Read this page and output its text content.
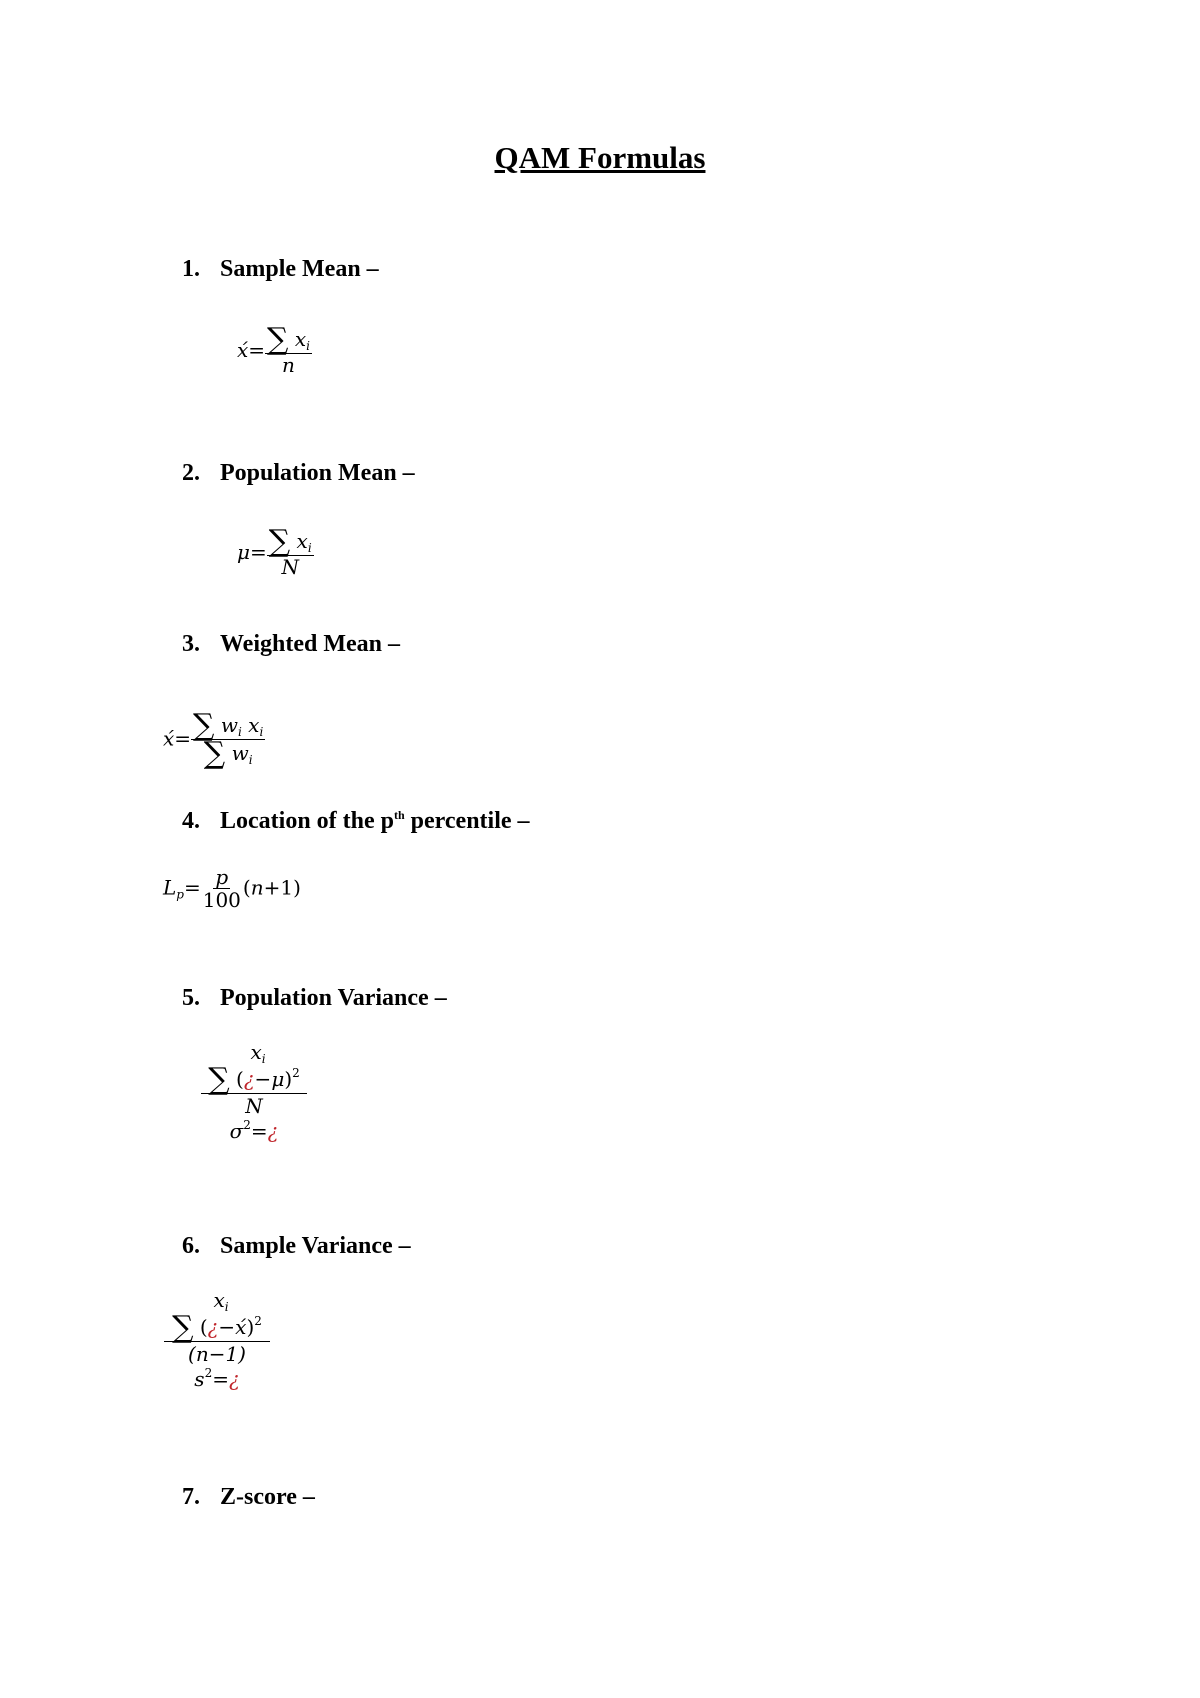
QAM Formulas
1. Sample Mean –
x́= $\frac{\sum x_i}{n}$
2. Population Mean –
$\mu= \frac{\sum x_i}{N}$
3. Weighted Mean –
x́= $\frac{\sum w_i x_i}{\sum w_i}$
4. Location of the $p^{th}$ percentile –
$L_p= \frac{p}{100} (n+1)$
5. Population Variance –
$x_i$
∑ (¿−μ)$^2$
N
$\sigma^2=¿$
6. Sample Variance –
$x_i$
∑ (¿−x́)$^2$
(n−1)
$s^2=¿$
7. Z-score –
